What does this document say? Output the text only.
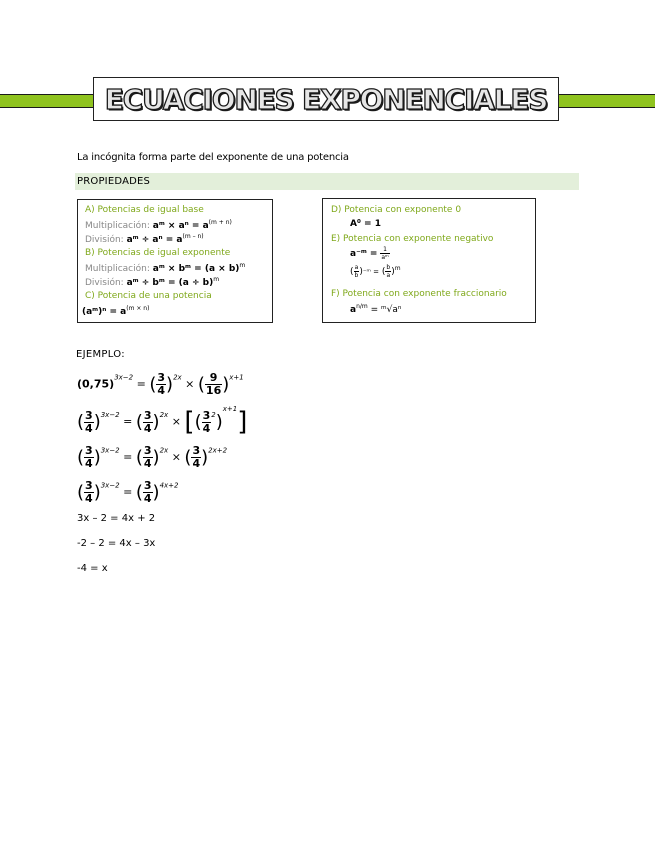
ECUACIONES EXPONENCIALES
La incógnita forma parte del exponente de una potencia
PROPIEDADES
A) Potencias de igual base
Multiplicación: aᵐ × $a^n = a^{(m + n)}$
División: aᵐ ÷ $a^n = a^{(m - n)}$
B) Potencias de igual exponente
Multiplicación: aᵐ × bᵐ = $(a \times b)^m$
División: aᵐ ÷ bᵐ = $(a \div b)^m$
C) Potencia de una potencia
(aᵐ)ⁿ = $a^{(m \times n)}$
D) Potencia con exponente 0
A⁰ = 1
E) Potencia con exponente negativo
a⁻ᵐ = $\frac{1}{\text{aᵐ}}$
( $\frac{a}{b}$ )⁻ᵐ = ( $\frac{b}{a} )^m$
F) Potencia con exponente fraccionario
$a^{n/m}$ = ᵐ√aⁿ
EJEMPLO:
$(0,75)^{3x-2}$ = ( $\frac{3}{4} )^{2x}$ × ( $\frac{9}{16} )^{x+1}$
( $\frac{3}{4} )^{3x-2}$ = ( $\frac{3}{4} )^{2x}$ × [( $\frac{3}{4} ^2)^{x+1}$]
( $\frac{3}{4} )^{3x-2}$ = ( $\frac{3}{4} )^{2x}$ × ( $\frac{3}{4} )^{2x+2}$
( $\frac{3}{4} )^{3x-2}$ = ( $\frac{3}{4} )^{4x+2}$
3x – 2 = 4x + 2
-2 – 2 = 4x – 3x
-4 = x
